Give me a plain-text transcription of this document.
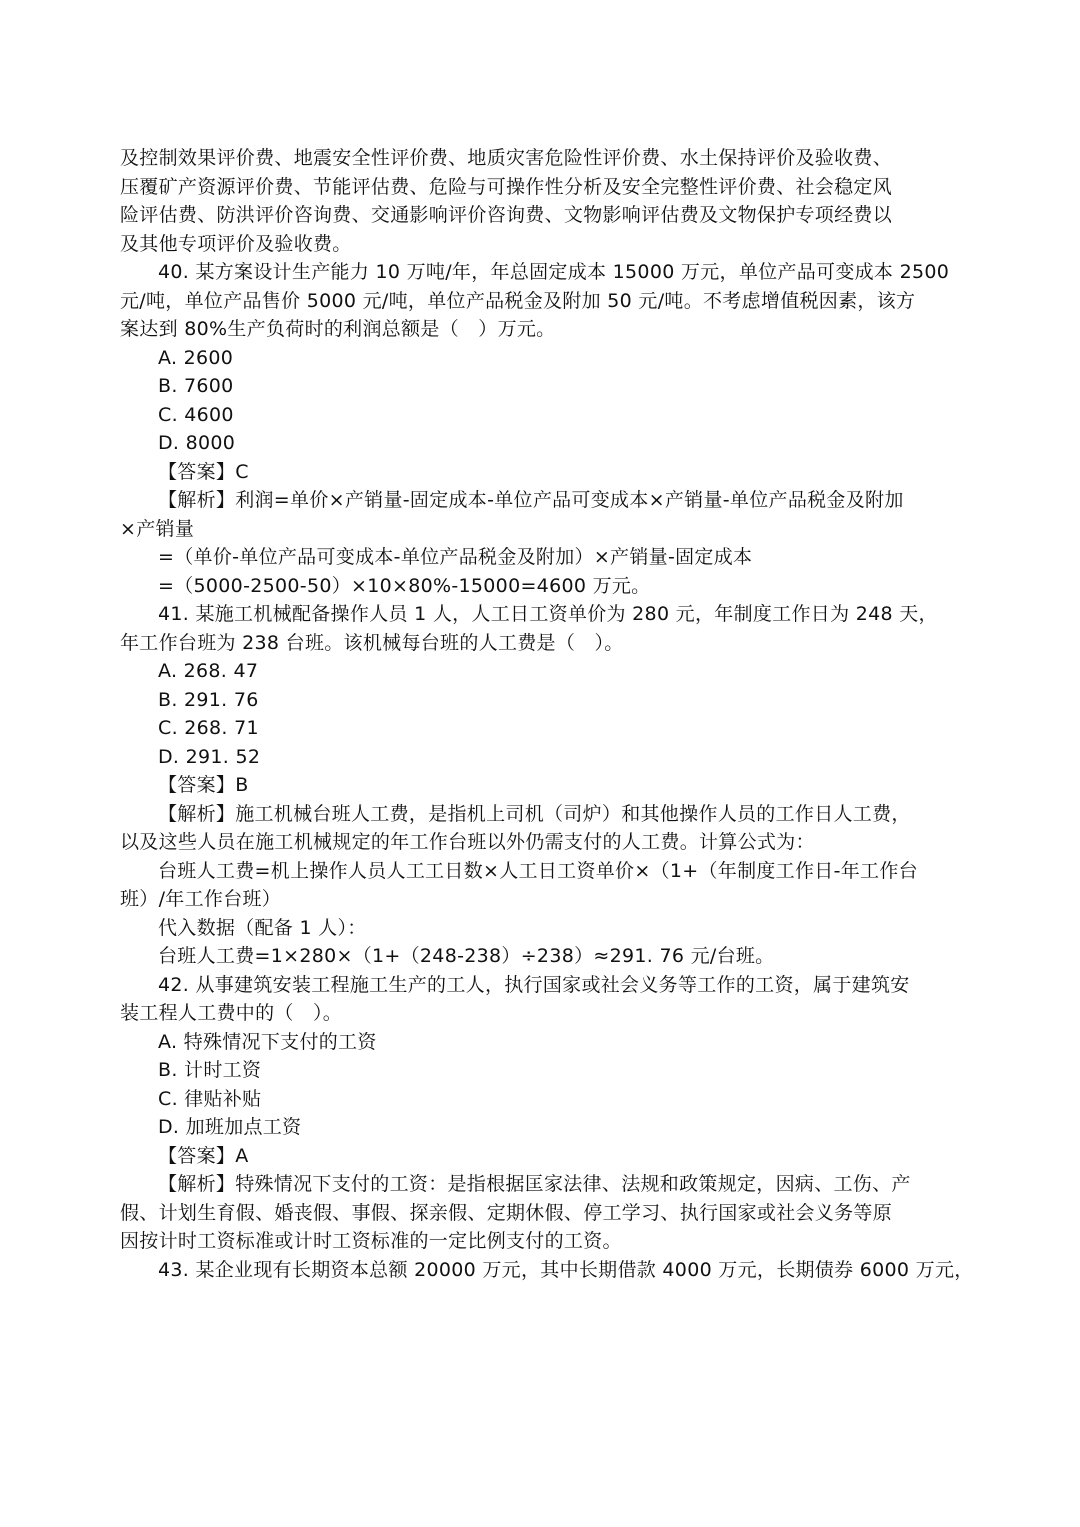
及控制效果评价费、地震安全性评价费、地质灾害危险性评价费、水土保持评价及验收费、
压覆矿产资源评价费、节能评估费、危险与可操作性分析及安全完整性评价费、社会稳定风
险评估费、防洪评价咨询费、交通影响评价咨询费、文物影响评估费及文物保护专项经费以
及其他专项评价及验收费。
40. 某方案设计生产能力 10 万吨/年，年总固定成本 15000 万元，单位产品可变成本 2500
元/吨，单位产品售价 5000 元/吨，单位产品税金及附加 50 元/吨。不考虑增值税因素，该方
案达到 80%生产负荷时的利润总额是（　）万元。
A. 2600
B. 7600
C. 4600
D. 8000
【答案】C
【解析】利润=单价×产销量-固定成本-单位产品可变成本×产销量-单位产品税金及附加
×产销量
=（单价-单位产品可变成本-单位产品税金及附加）×产销量-固定成本
=（5000-2500-50）×10×80%-15000=4600 万元。
41. 某施工机械配备操作人员 1 人，人工日工资单价为 280 元，年制度工作日为 248 天，
年工作台班为 238 台班。该机械每台班的人工费是（　）。
A. 268. 47
B. 291. 76
C. 268. 71
D. 291. 52
【答案】B
【解析】施工机械台班人工费，是指机上司机（司炉）和其他操作人员的工作日人工费，
以及这些人员在施工机械规定的年工作台班以外仍需支付的人工费。计算公式为：
台班人工费=机上操作人员人工工日数×人工日工资单价×（1+（年制度工作日-年工作台
班）/年工作台班）
代入数据（配备 1 人）：
台班人工费=1×280×（1+（248-238）÷238）≈291. 76 元/台班。
42. 从事建筑安装工程施工生产的工人，执行国家或社会义务等工作的工资，属于建筑安
装工程人工费中的（　）。
A. 特殊情况下支付的工资
B. 计时工资
C. 律贴补贴
D. 加班加点工资
【答案】A
【解析】特殊情况下支付的工资：是指根据匡家法律、法规和政策规定，因病、工伤、产
假、计划生育假、婚丧假、事假、探亲假、定期休假、停工学习、执行国家或社会义务等原
因按计时工资标准或计时工资标准的一定比例支付的工资。
43. 某企业现有长期资本总额 20000 万元，其中长期借款 4000 万元，长期债券 6000 万元，
